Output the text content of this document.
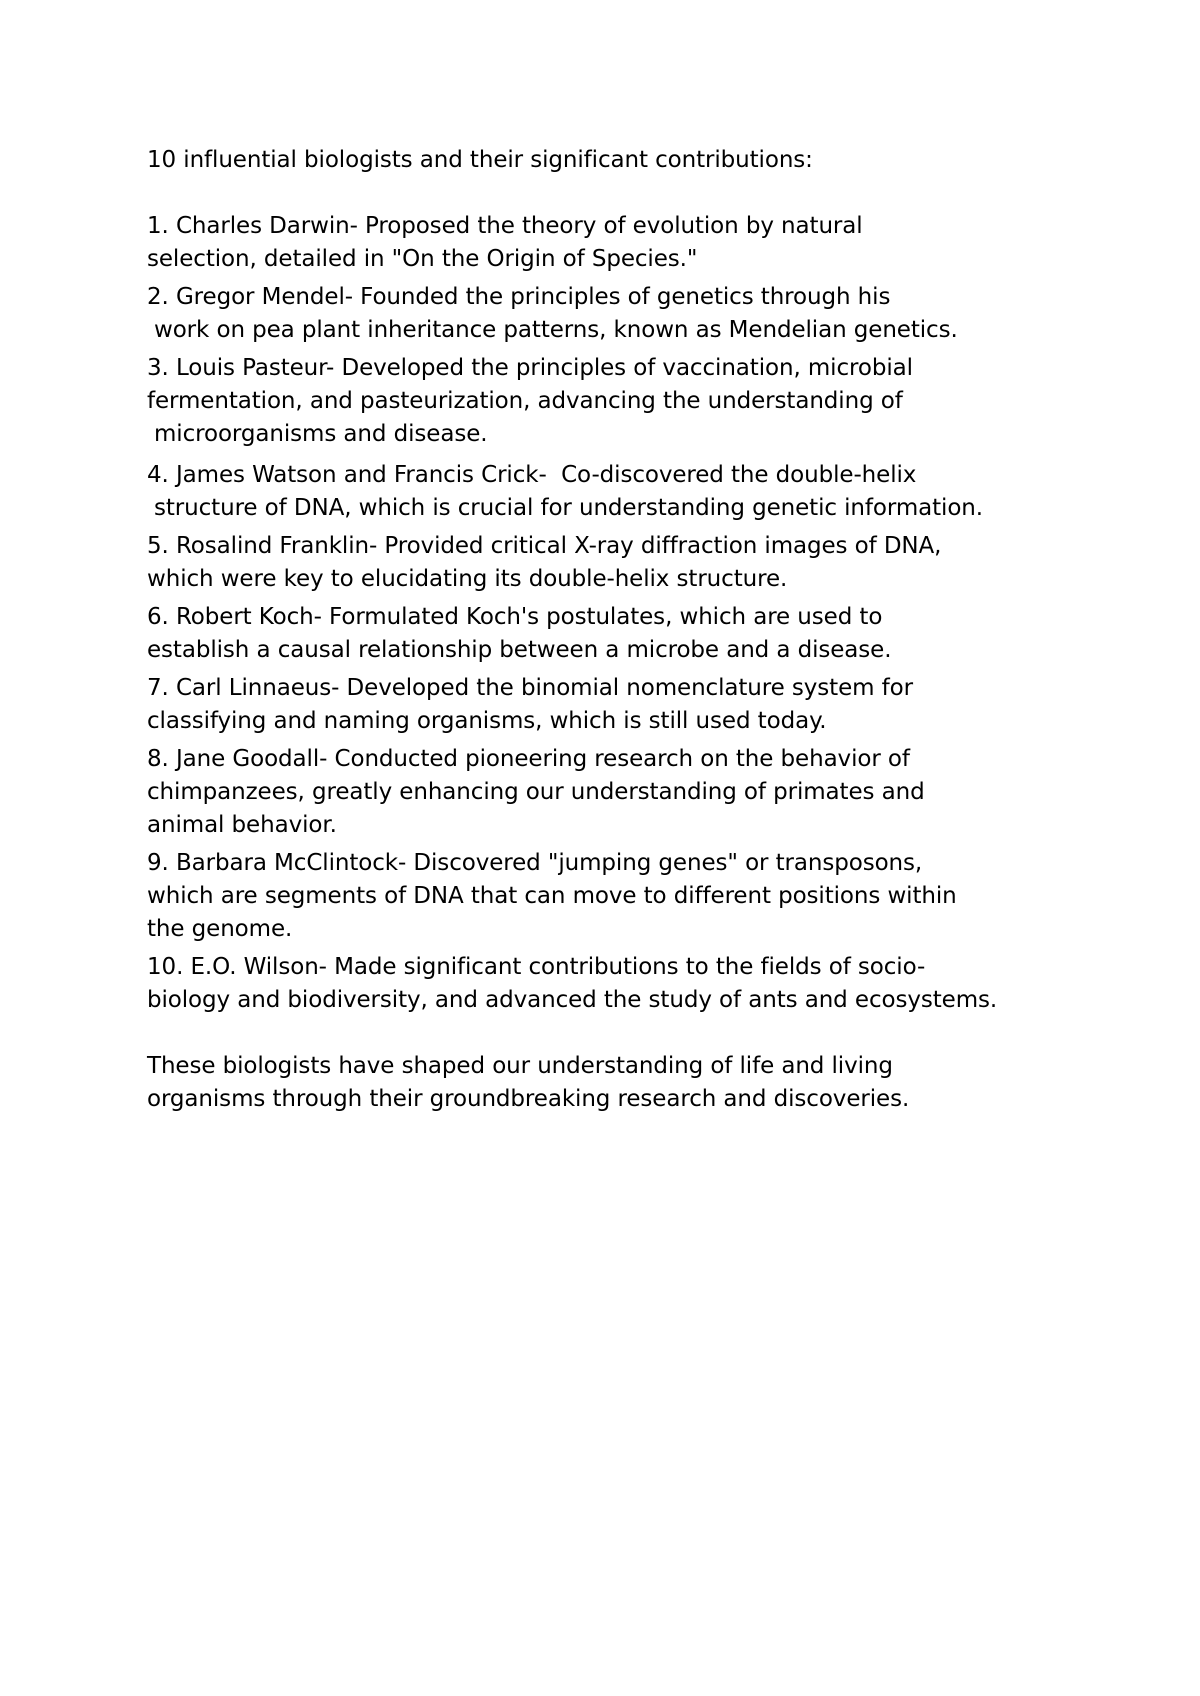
10 influential biologists and their significant contributions:
1. Charles Darwin- Proposed the theory of evolution by natural
selection, detailed in "On the Origin of Species."
2. Gregor Mendel- Founded the principles of genetics through his
work on pea plant inheritance patterns, known as Mendelian genetics.
3. Louis Pasteur- Developed the principles of vaccination, microbial
fermentation, and pasteurization, advancing the understanding of
microorganisms and disease.
4. James Watson and Francis Crick-  Co-discovered the double-helix
structure of DNA, which is crucial for understanding genetic information.
5. Rosalind Franklin- Provided critical X-ray diffraction images of DNA,
which were key to elucidating its double-helix structure.
6. Robert Koch- Formulated Koch's postulates, which are used to
establish a causal relationship between a microbe and a disease.
7. Carl Linnaeus- Developed the binomial nomenclature system for
classifying and naming organisms, which is still used today.
8. Jane Goodall- Conducted pioneering research on the behavior of
chimpanzees, greatly enhancing our understanding of primates and
animal behavior.
9. Barbara McClintock- Discovered "jumping genes" or transposons,
which are segments of DNA that can move to different positions within
the genome.
10. E.O. Wilson- Made significant contributions to the fields of socio-
biology and biodiversity, and advanced the study of ants and ecosystems.
These biologists have shaped our understanding of life and living
organisms through their groundbreaking research and discoveries.
